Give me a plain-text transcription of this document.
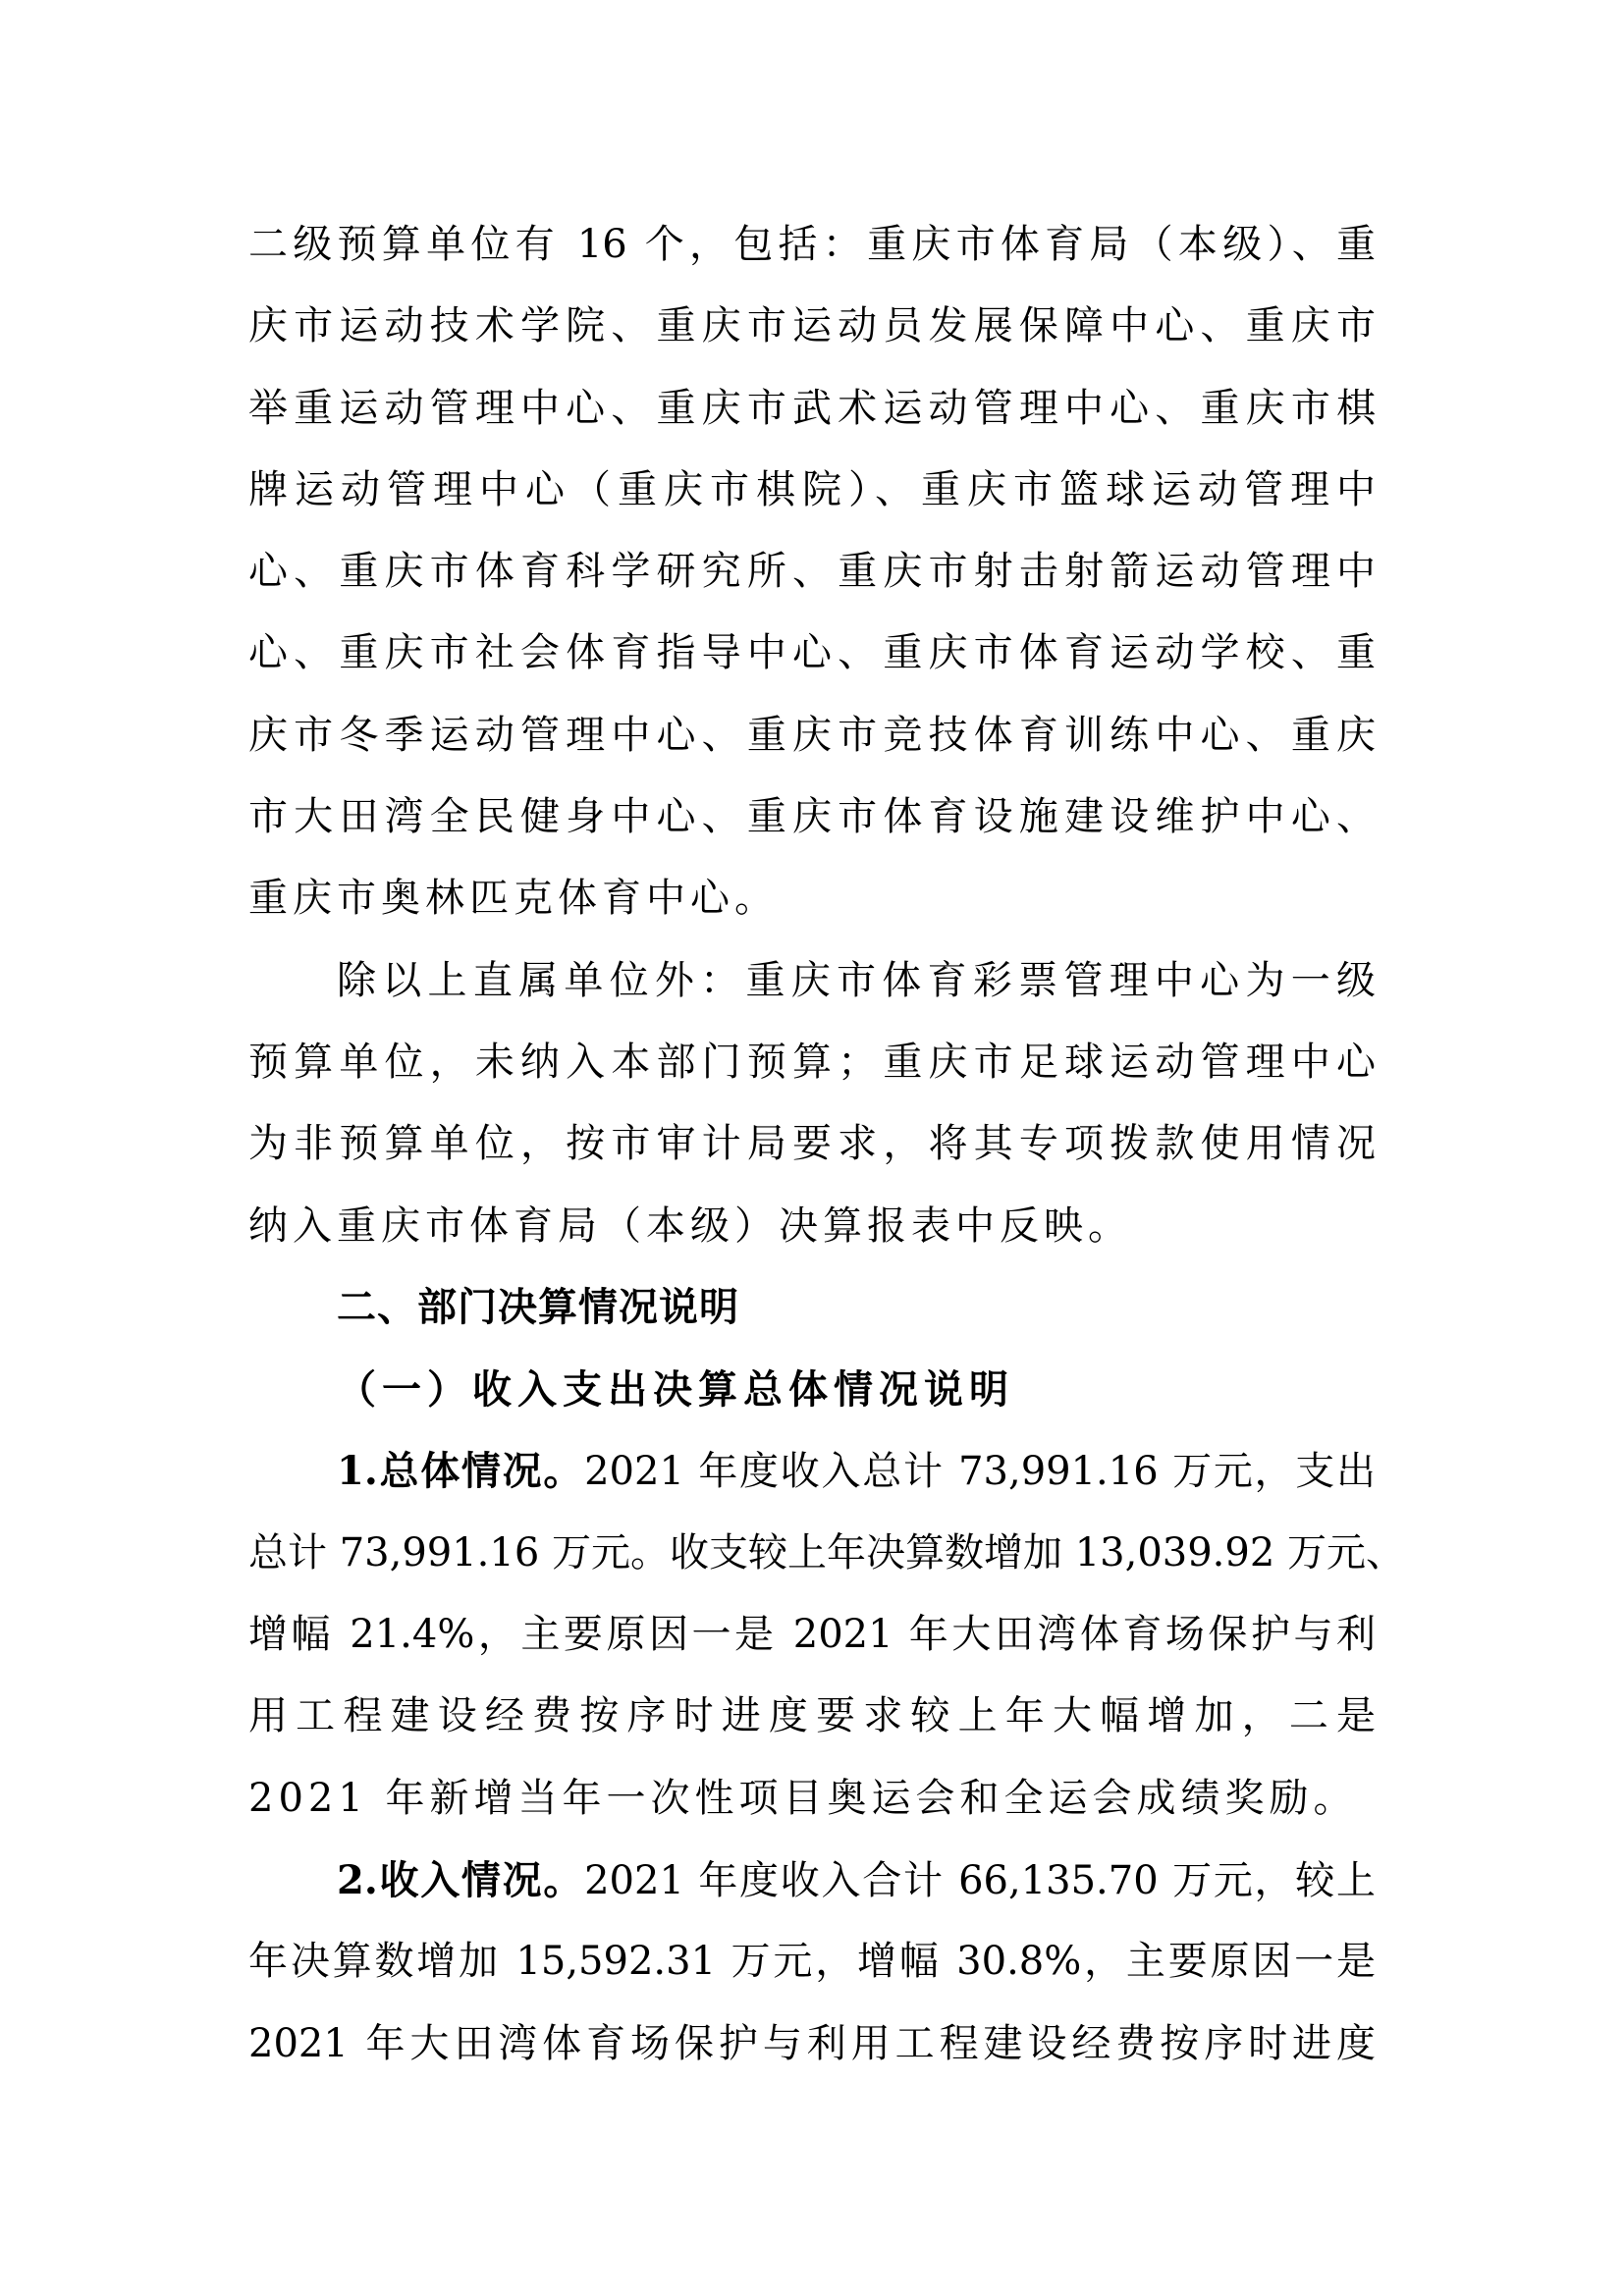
二级预算单位有 16 个，包括：重庆市体育局（本级）、重
庆市运动技术学院、重庆市运动员发展保障中心、重庆市
举重运动管理中心、重庆市武术运动管理中心、重庆市棋
牌运动管理中心（重庆市棋院）、重庆市篮球运动管理中
心、重庆市体育科学研究所、重庆市射击射箭运动管理中
心、重庆市社会体育指导中心、重庆市体育运动学校、重
庆市冬季运动管理中心、重庆市竞技体育训练中心、重庆
市大田湾全民健身中心、重庆市体育设施建设维护中心、
重庆市奥林匹克体育中心。
除以上直属单位外：重庆市体育彩票管理中心为一级
预算单位，未纳入本部门预算；重庆市足球运动管理中心
为非预算单位，按市审计局要求，将其专项拨款使用情况
纳入重庆市体育局（本级）决算报表中反映。
二、部门决算情况说明
（一）收入支出决算总体情况说明
1.总体情况。2021 年度收入总计 73,991.16 万元，支出
总计 73,991.16 万元。收支较上年决算数增加 13,039.92 万元、
增幅 21.4%，主要原因一是 2021 年大田湾体育场保护与利
用工程建设经费按序时进度要求较上年大幅增加，二是
2021 年新增当年一次性项目奥运会和全运会成绩奖励。
2.收入情况。2021 年度收入合计 66,135.70 万元，较上
年决算数增加 15,592.31 万元，增幅 30.8%，主要原因一是
2021 年大田湾体育场保护与利用工程建设经费按序时进度
